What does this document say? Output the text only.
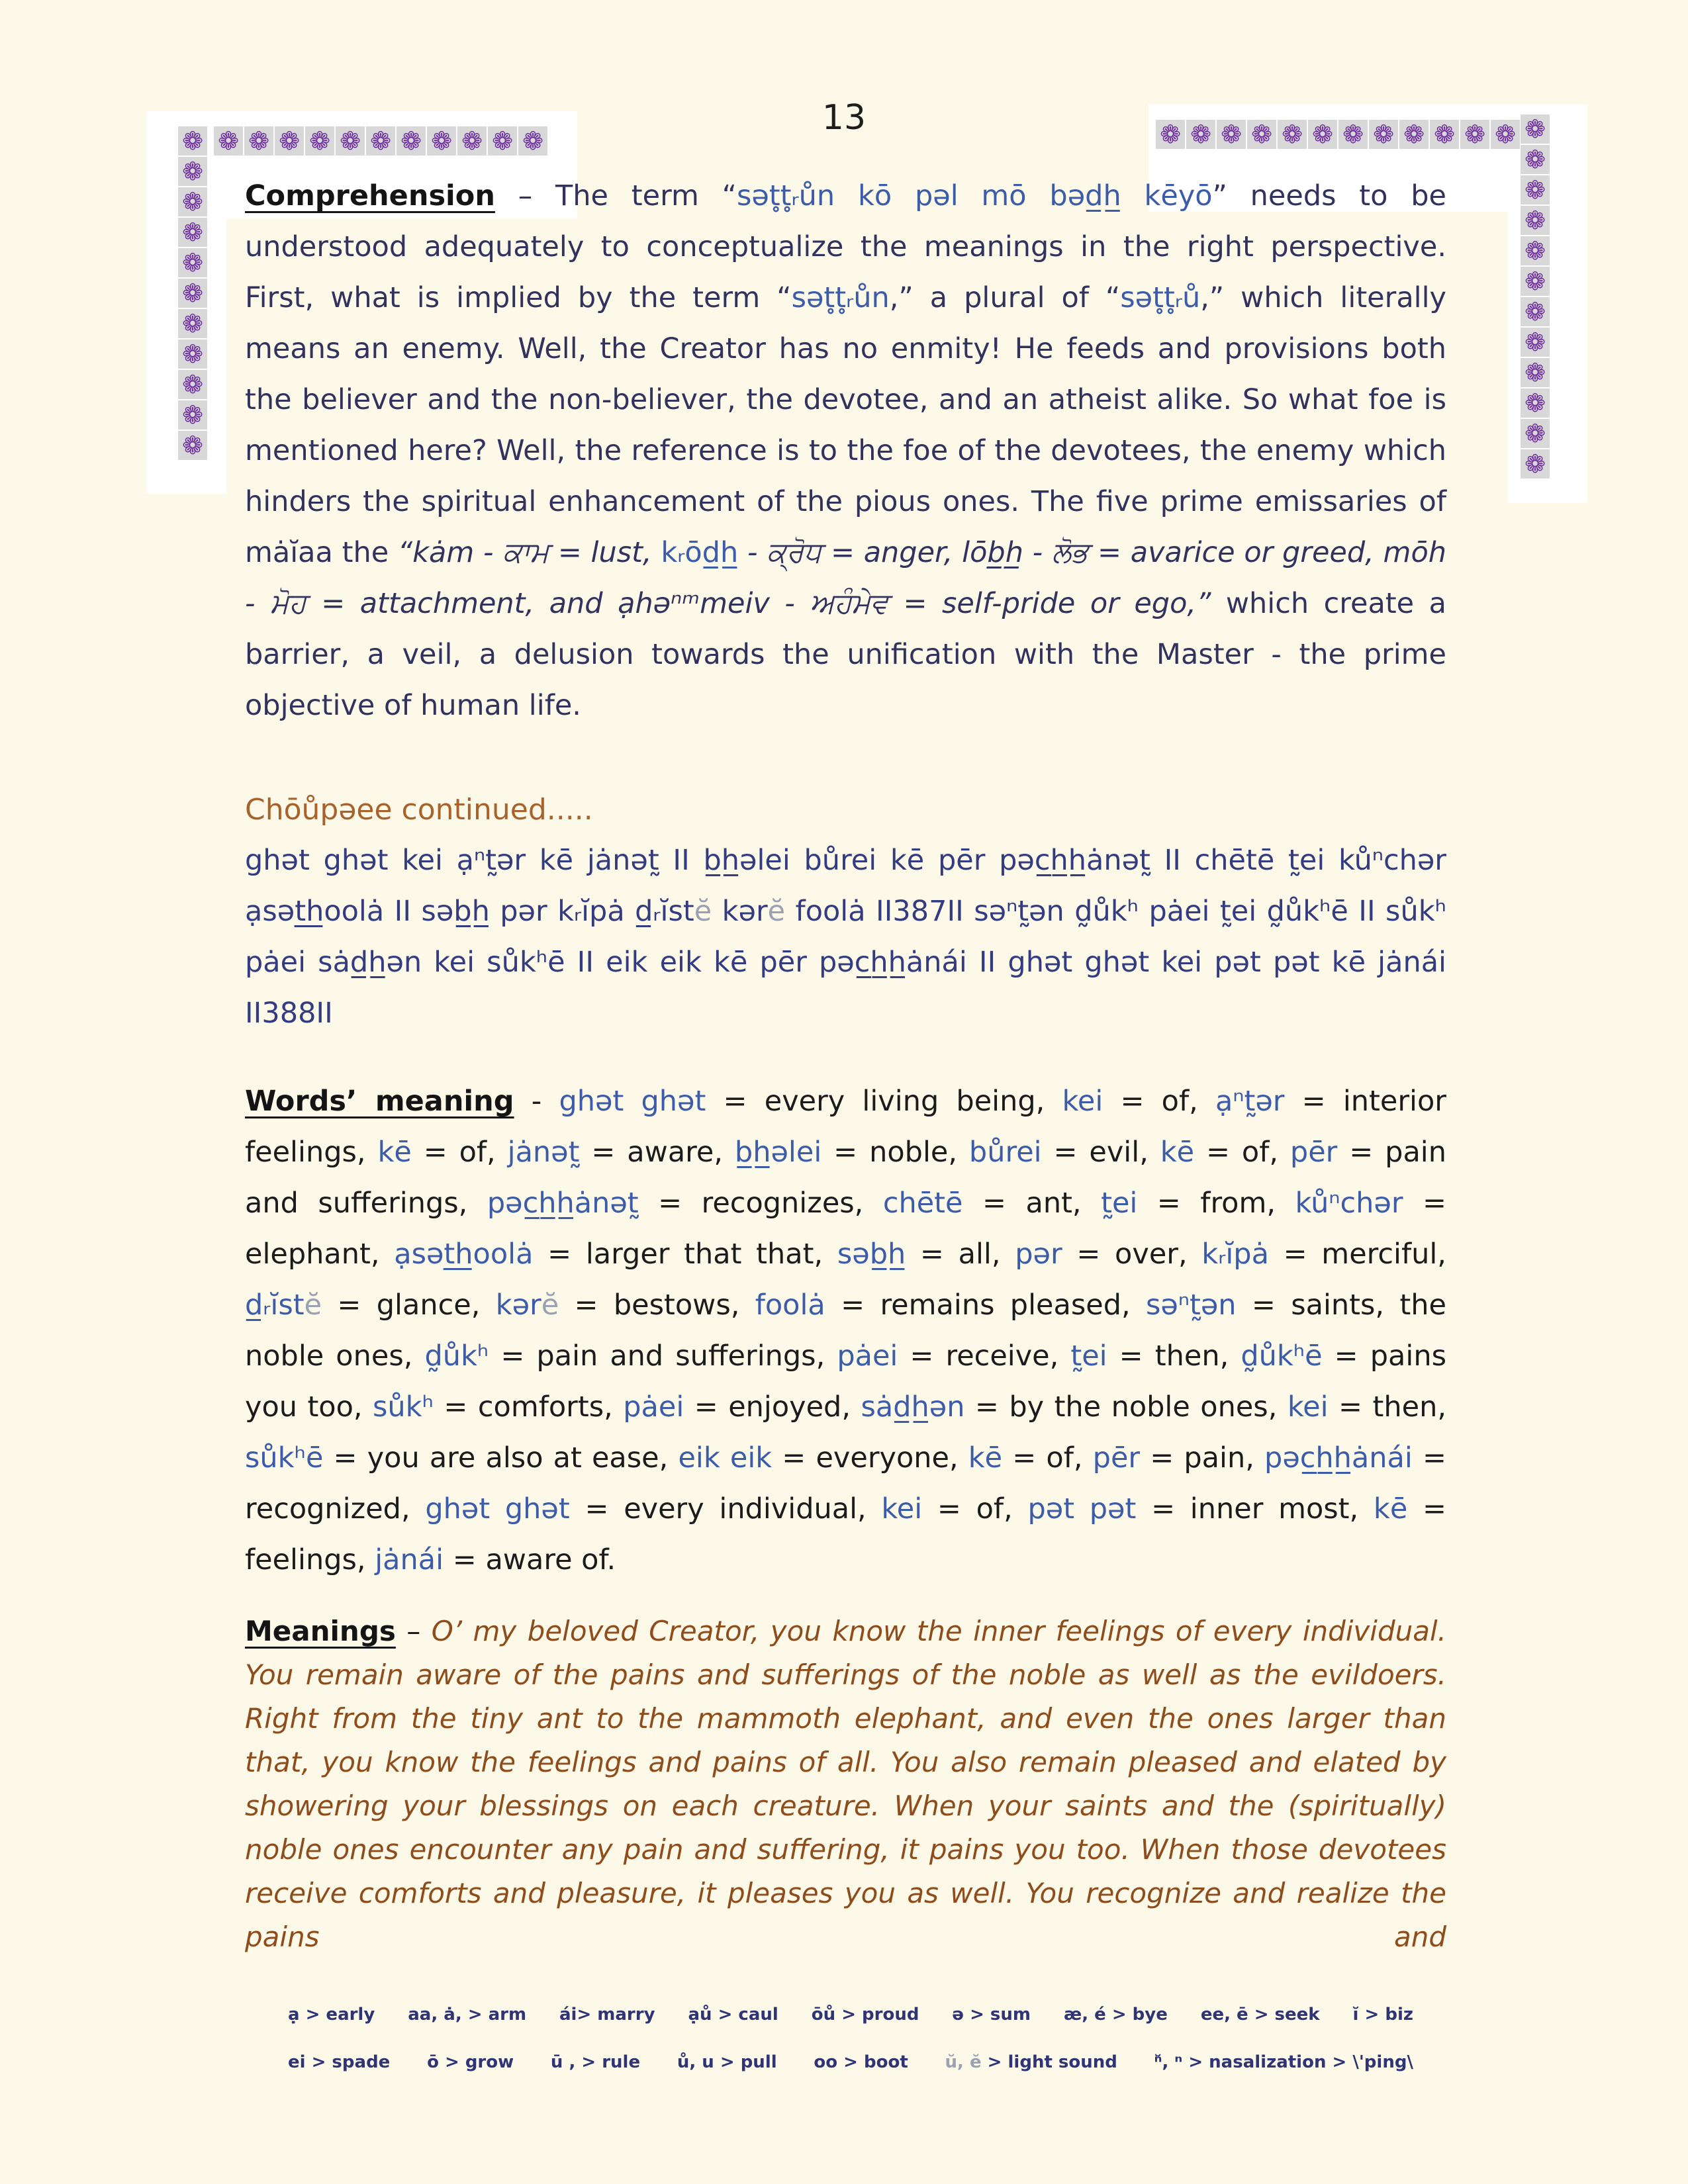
13
❁ ❁ ❁ ❁ ❁ ❁ ❁ ❁ ❁ ❁ ❁
❁
❁
❁
❁
❁
❁
❁
❁
❁
❁
❁
❁ ❁ ❁ ❁ ❁ ❁ ❁ ❁ ❁ ❁ ❁ ❁ ❁
❁
❁
❁
❁
❁
❁
❁
❁
❁
❁
❁

Comprehension – The term “sət̥t̥ᵣůn kō pəl mō bəd̲h̲ kēyō” needs to be understood adequately to conceptualize the meanings in the right perspective. First, what is implied by the term “sət̥t̥ᵣůn,” a plural of “sət̥t̥ᵣů,” which literally means an enemy. Well, the Creator has no enmity! He feeds and provisions both the believer and the non-believer, the devotee, and an atheist alike. So what foe is mentioned here? Well, the reference is to the foe of the devotees, the enemy which hinders the spiritual enhancement of the pious ones. The five prime emissaries of mȧĭaa the “kȧm - ਕਾਮ = lust, kᵣōd̲h̲ - ਕ੍ਰੋਧ = anger, lōb̲h̲ - ਲੋਭ = avarice or greed, mōh - ਮੋਹ = attachment, and ạhəⁿᵐmeiv - ਅਹੰਮੇਵ = self-pride or ego,” which create a barrier, a veil, a delusion towards the unification with the Master - the prime objective of human life.

Chōůpəee continued.....

ghət ghət kei ạⁿt̰ər kē jȧnət̰ II b̲h̲əlei bůrei kē pēr pəc̲h̲h̲ȧnət̰ II chētē t̰ei kůⁿchər ạsət̲h̲oolȧ II səb̲h̲ pər kᵣĭpȧ d̲ᵣĭstĕ kərĕ foolȧ II387II səⁿt̰ən d̰ůkʰ pȧei t̰ei d̰ůkʰē II sůkʰ pȧei sȧd̲h̲ən kei sůkʰē II eik eik kē pēr pəc̲h̲h̲ȧnái II ghət ghət kei pət pət kē jȧnái II388II

Words’ meaning - ghət ghət = every living being, kei = of, ạⁿt̰ər = interior feelings, kē = of, jȧnət̰ = aware, b̲h̲əlei = noble, bůrei = evil, kē = of, pēr = pain and sufferings, pəc̲h̲h̲ȧnət̰ = recognizes, chētē = ant, t̰ei = from, kůⁿchər = elephant, ạsət̲h̲oolȧ = larger that that, səb̲h̲ = all, pər = over, kᵣĭpȧ = merciful, d̲ᵣĭstĕ = glance, kərĕ = bestows, foolȧ = remains pleased, səⁿt̰ən = saints, the noble ones, d̰ůkʰ = pain and sufferings, pȧei = receive, t̰ei = then, d̰ůkʰē = pains you too, sůkʰ = comforts, pȧei = enjoyed, sȧd̲h̲ən = by the noble ones, kei = then, sůkʰē = you are also at ease, eik eik = everyone, kē = of, pēr = pain, pəc̲h̲h̲ȧnái = recognized, ghət ghət = every individual, kei = of, pət pət = inner most, kē = feelings, jȧnái = aware of.

Meanings – O’ my beloved Creator, you know the inner feelings of every individual. You remain aware of the pains and sufferings of the noble as well as the evildoers. Right from the tiny ant to the mammoth elephant, and even the ones larger than that, you know the feelings and pains of all. You also remain pleased and elated by showering your blessings on each creature. When your saints and the (spiritually) noble ones encounter any pain and suffering, it pains you too. When those devotees receive comforts and pleasure, it pleases you as well. You recognize and realize the pains and

ạ > early aa, ȧ, > arm ái> marry ạů > caul ōů > proud ə > sum æ, é > bye ee, ē > seek ĭ > biz
ei > spade ō > grow ū , > rule ů, u > pull oo > boot ŭ, ĕ > light sound ⁿ̆, ⁿ > nasalization > \'ping\
